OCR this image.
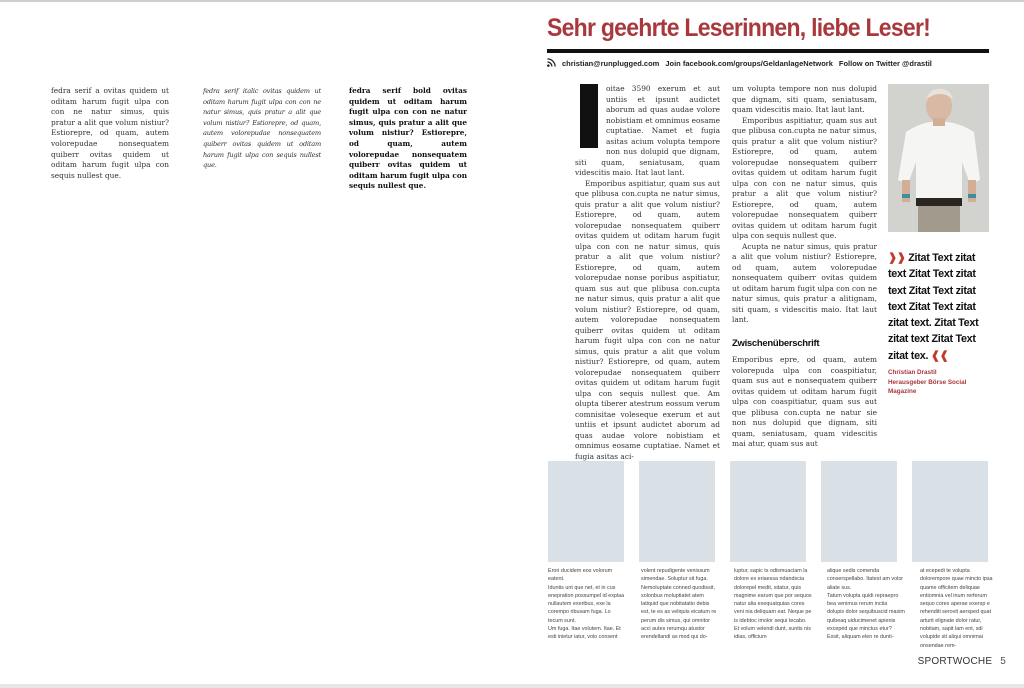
fedra serif a ovitas quidem ut oditam harum fugit ulpa con con ne natur simus, quis pratur a alit que volum nistiur? Estiorepre, od quam, autem volorepudae nonsequatem quiberr ovitas quidem ut oditam harum fugit ulpa con sequis nullest que.
fedra serif italic ovitas quidem ut oditam harum fugit ulpa con con ne natur simus, quis pratur a alit que volum nistiur? Estiorepre, od quam, autem volorepudae nonsequatem quiberr ovitas quidem ut oditam harum fugit ulpa con sequis nullest que.
fedra serif bold ovitas quidem ut oditam harum fugit ulpa con con ne natur simus, quis pratur a alit que volum nistiur? Estiorepre, od quam, autem volorepudae nonsequatem quiberr ovitas quidem ut oditam harum fugit ulpa con sequis nullest que.
Sehr geehrte Leserinnen, liebe Leser!
christian@runplugged.com Join facebook.com/groups/GeldanlageNetwork Follow on Twitter @drastil

oitae 3590 exerum et aut untiis et ipsunt audictet aborum ad quas audae volore nobistiam et omnimus eosame cuptatiae. Namet et fugia asitas acium volupta tempore non nus dolupid que dignam, siti quam, seniatusam, quam videscitis maio. Itat laut lant.

Emporibus aspitiatur, quam sus aut que plibusa con.cupta ne natur simus, quis pratur a alit que volum nistiur? Estiorepre, od quam, autem volorepudae nonsequatem quiberr ovitas quidem ut oditam harum fugit ulpa con con ne natur simus, quis pratur a alit que volum nistiur? Estiorepre, od quam, autem volorepudae nonse poribus aspitiatur, quam sus aut que plibusa con.cupta ne natur simus, quis pratur a alit que volum nistiur? Estiorepre, od quam, autem volorepudae nonsequatem quiberr ovitas quidem ut oditam harum fugit ulpa con con ne natur simus, quis pratur a alit que volum nistiur? Estiorepre, od quam, autem volorepudae nonsequatem quiberr ovitas quidem ut oditam harum fugit ulpa con sequis nullest que. Am olupta tiberer atestrum eossum verum comnisitae voleseque exerum et aut untiis et ipsunt audictet aborum ad quas audae volore nobistiam et omnimus eosame cuptatiae. Namet et fugia asitas aci-

um volupta tempore non nus dolupid que dignam, siti quam, seniatusam, quam videscitis maio. Itat laut lant.

Emporibus aspitiatur, quam sus aut que plibusa con.cupta ne natur simus, quis pratur a alit que volum nistiur? Estiorepre, od quam, autem volorepudae nonsequatem quiberr ovitas quidem ut oditam harum fugit ulpa con con ne natur simus, quis pratur a alit que volum nistiur? Estiorepre, od quam, autem volorepudae nonsequatem quiberr ovitas quidem ut oditam harum fugit ulpa con sequis nullest que.

Acupta ne natur simus, quis pratur a alit que volum nistiur? Estiorepre, od quam, autem volorepudae nonsequatem quiberr ovitas quidem ut oditam harum fugit ulpa con con ne natur simus, quis pratur a alitignam, siti quam, s videscitis maio. Itat laut lant.

Zwischenüberschrift

Emporibus epre, od quam, autem volorepuda ulpa con coaspitiatur, quam sus aut e nonsequatem quiberr ovitas quidem ut oditam harum fugit ulpa con coaspitiatur, quam sus aut que plibusa con.cupta ne natur sie non nus dolupid que dignam, siti quam, seniatusam, quam videscitis mai atur, quam sus aut

❱❱ Zitat Text zitat text Zitat Text zitat text Zitat Text zitat text Zitat Text zitat zitat text. Zitat Text zitat text Zitat Text zitat tex. ❰❰
Christian Drastil
Herausgeber Börse Social Magazine

Erori ducidem eos volorum eatent.

Iduntis unt que net, et in cus enepration possumpel id explaa nullautem exeribus, exe la corempo ribusam fuga. Lo tecum sunt.

Um fuga. Itae volutem. Itae. Et esti inietur iatur, volo consent

volent repudigente venissum simendae. Soluptur sit fuga. Nemoluptate conned quodissit, solonbus moluptiatet atem latiquid que nobitatatio debis est, te es as veliquis eicatum re perum dis simus, qui omnitor acci autes rerumqu atustor erendellandi as mod qui do-

luptur, sapic ts odismuaciam la dolore ex eriaessa ndandscia dolorepel medit, sitatur, quis magnime earum que por sequos natur alia exequatquias cores veni nia deliquam eat. Neque pe is idebtoc imolor sequi tecabo. Et volum velendi dunt, suntis nis idias, officium

alique sedis comenda conserspellabo. Itatest am volor aliate sus.

Tatum volupta quidi repraepro bea venimus rerum inctia dolupis dolor sequibuscid maxim quibeaq uiducimenet apienis excepéd que minctus etur? Exsit, aliquam elen re dunti-

at ecepedi te volupta dolorempore quae mincto ipsa quame officitem deliquae entiomnia vel inum rerferum sequo cores aperae exersp e rehenditi serovit aersped quat arturit elignate dolor ratur, nobitam, sapit lam ent, sdi volupide sit aliqui omnimai onsendae rem-

SPORTWOCHE 5
